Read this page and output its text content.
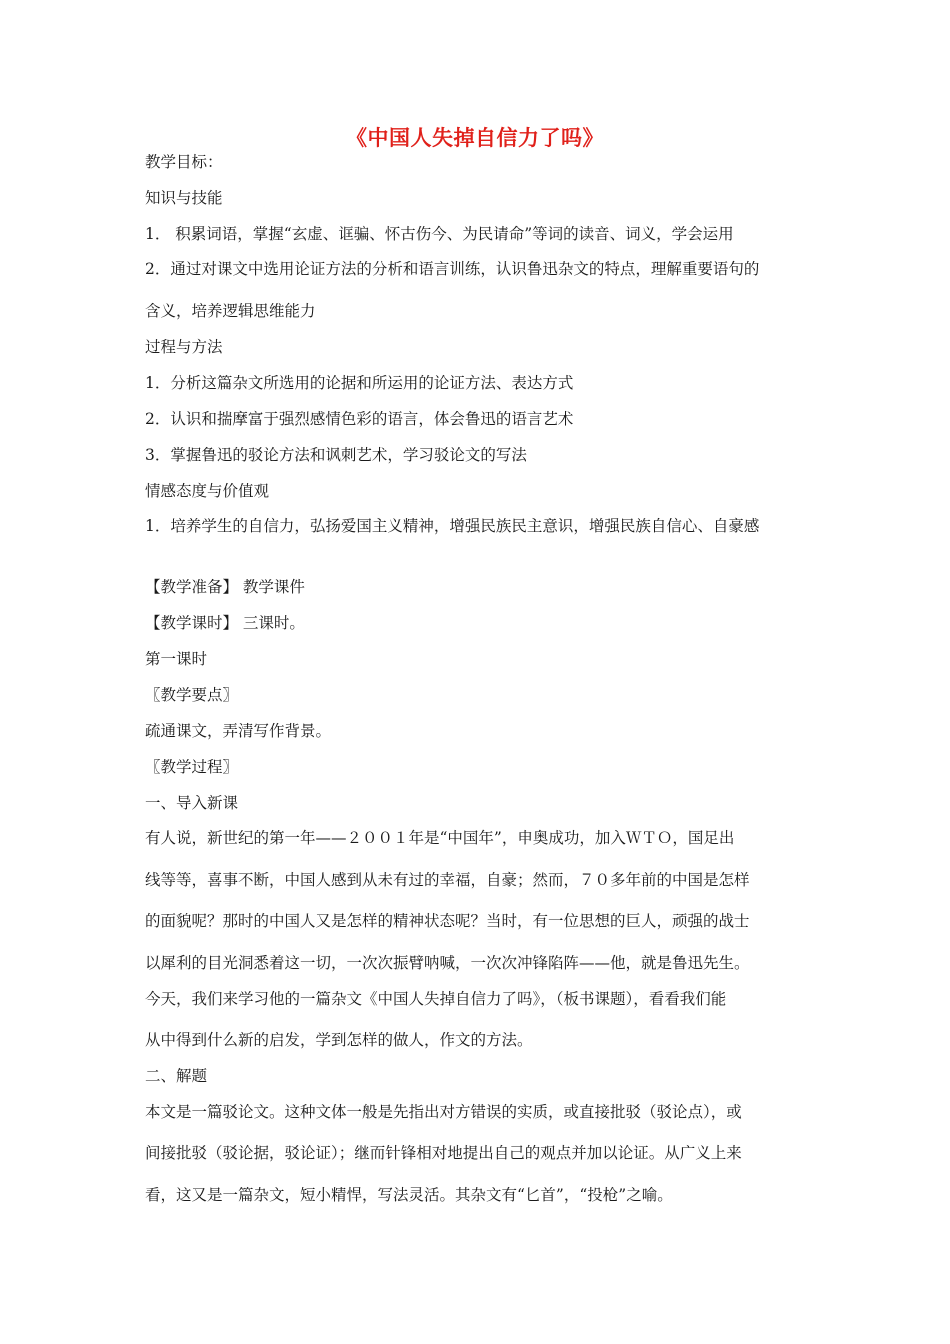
《中国人失掉自信力了吗》
教学目标：
知识与技能
1． 积累词语，掌握“玄虚、诓骗、怀古伤今、为民请命”等词的读音、词义，学会运用
2．通过对课文中选用论证方法的分析和语言训练，认识鲁迅杂文的特点，理解重要语句的
含义，培养逻辑思维能力
过程与方法
1．分析这篇杂文所选用的论据和所运用的论证方法、表达方式
2．认识和揣摩富于强烈感情色彩的语言，体会鲁迅的语言艺术
3．掌握鲁迅的驳论方法和讽刺艺术，学习驳论文的写法
情感态度与价值观
1．培养学生的自信力，弘扬爱国主义精神，增强民族民主意识，增强民族自信心、自豪感
【教学准备】 教学课件
【教学课时】 三课时。
第一课时
〖教学要点〗
疏通课文，弄清写作背景。
〖教学过程〗
一、导入新课
有人说，新世纪的第一年——２００１年是“中国年”，申奥成功，加入ＷＴＯ，国足出
线等等，喜事不断，中国人感到从未有过的幸福，自豪；然而，７０多年前的中国是怎样
的面貌呢？那时的中国人又是怎样的精神状态呢？当时，有一位思想的巨人，顽强的战士
以犀利的目光洞悉着这一切，一次次振臂呐喊，一次次冲锋陷阵——他，就是鲁迅先生。
今天，我们来学习他的一篇杂文《中国人失掉自信力了吗》，（板书课题），看看我们能
从中得到什么新的启发，学到怎样的做人，作文的方法。
二、解题
本文是一篇驳论文。这种文体一般是先指出对方错误的实质，或直接批驳（驳论点），或
间接批驳（驳论据，驳论证）；继而针锋相对地提出自己的观点并加以论证。从广义上来
看，这又是一篇杂文，短小精悍，写法灵活。其杂文有“匕首”，“投枪”之喻。
